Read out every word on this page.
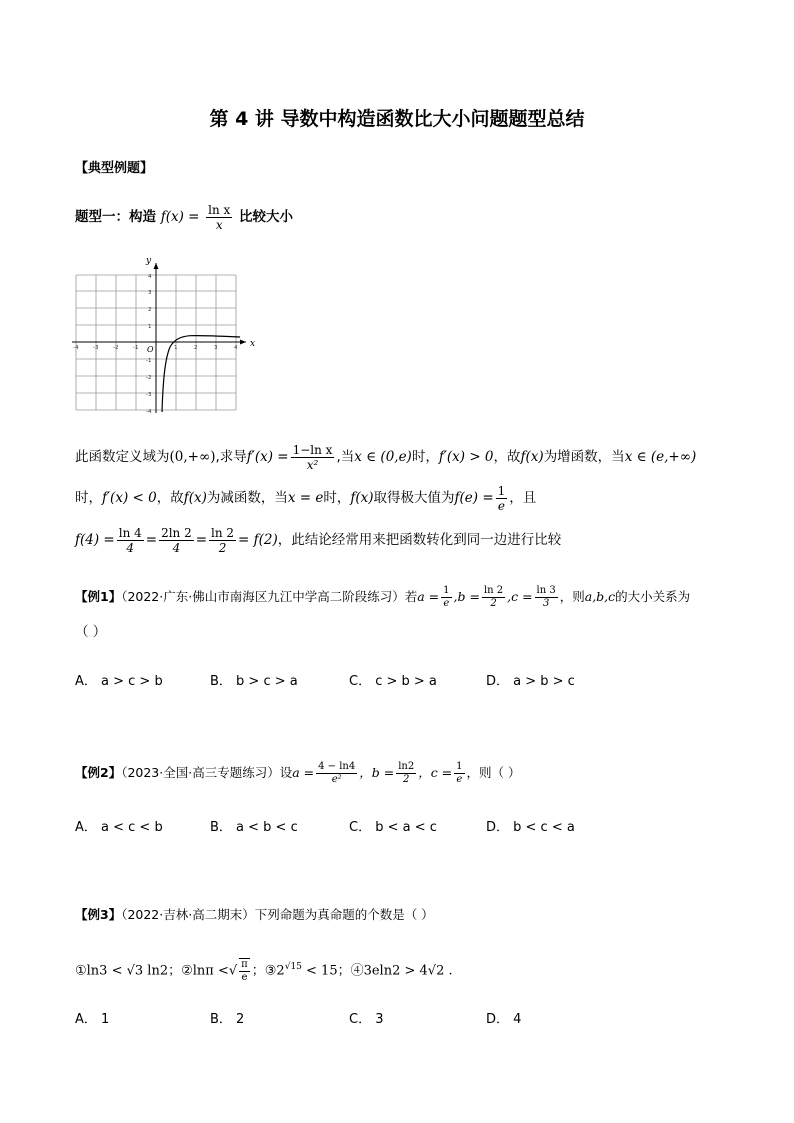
第 4 讲 导数中构造函数比大小问题题型总结
【典型例题】
题型一：构造 $f(x) = \frac{\text{ln x}}{x}$ 比较大小
x
y
O
-4	-3	-2	-1	1	2	3	4
4
3
2
1
-1
-2
-3
-4
此函数定义域为(0,+∞),求导$f'(x) = \frac{\text{1−ln x}}{\text{x²}}$ ,当x ∈ (0,e)时，f′(x) > 0，故f(x)为增函数，当x ∈ (e,+∞)
时，f′(x) < 0，故f(x)为减函数，当x = e时，f(x)取得极大值为$f(e) = \frac{1}{e}$ ，且
$f(4) = \frac{\ln 4}{4} = \frac{2\ln 2}{4} = \frac{\ln 2}{2} = f(2)$，此结论经常用来把函数转化到同一边进行比较
【例1】（2022·广东·佛山市南海区九江中学高二阶段练习）若$a = \frac{1}{e} ,b = \frac{\ln 2}{2} ,c = \frac{\ln 3}{3}$ ，则a,b,c的大小关系为
（ ）
A． a > c > b	B． b > c > a	C． c > b > a	D． a > b > c
【例2】（2023·全国·高三专题练习）设$a = \frac{4 - \ln 4}{\text{e²}}$ ，$b = \frac{\ln 2}{2}$ ，$c = \frac{1}{e}$ ，则（ ）
A． a < c < b	B． a < b < c	C． b < a < c	D． b < c < a
【例3】（2022·吉林·高二期末）下列命题为真命题的个数是（ ）
①ln3 < √3 ln2；②lnπ <√ $\frac{\pi}{e}$ ；$③2^{√15} < 15$；④3eln2 > 4√2 .
A． 1	B． 2	C． 3	D． 4
